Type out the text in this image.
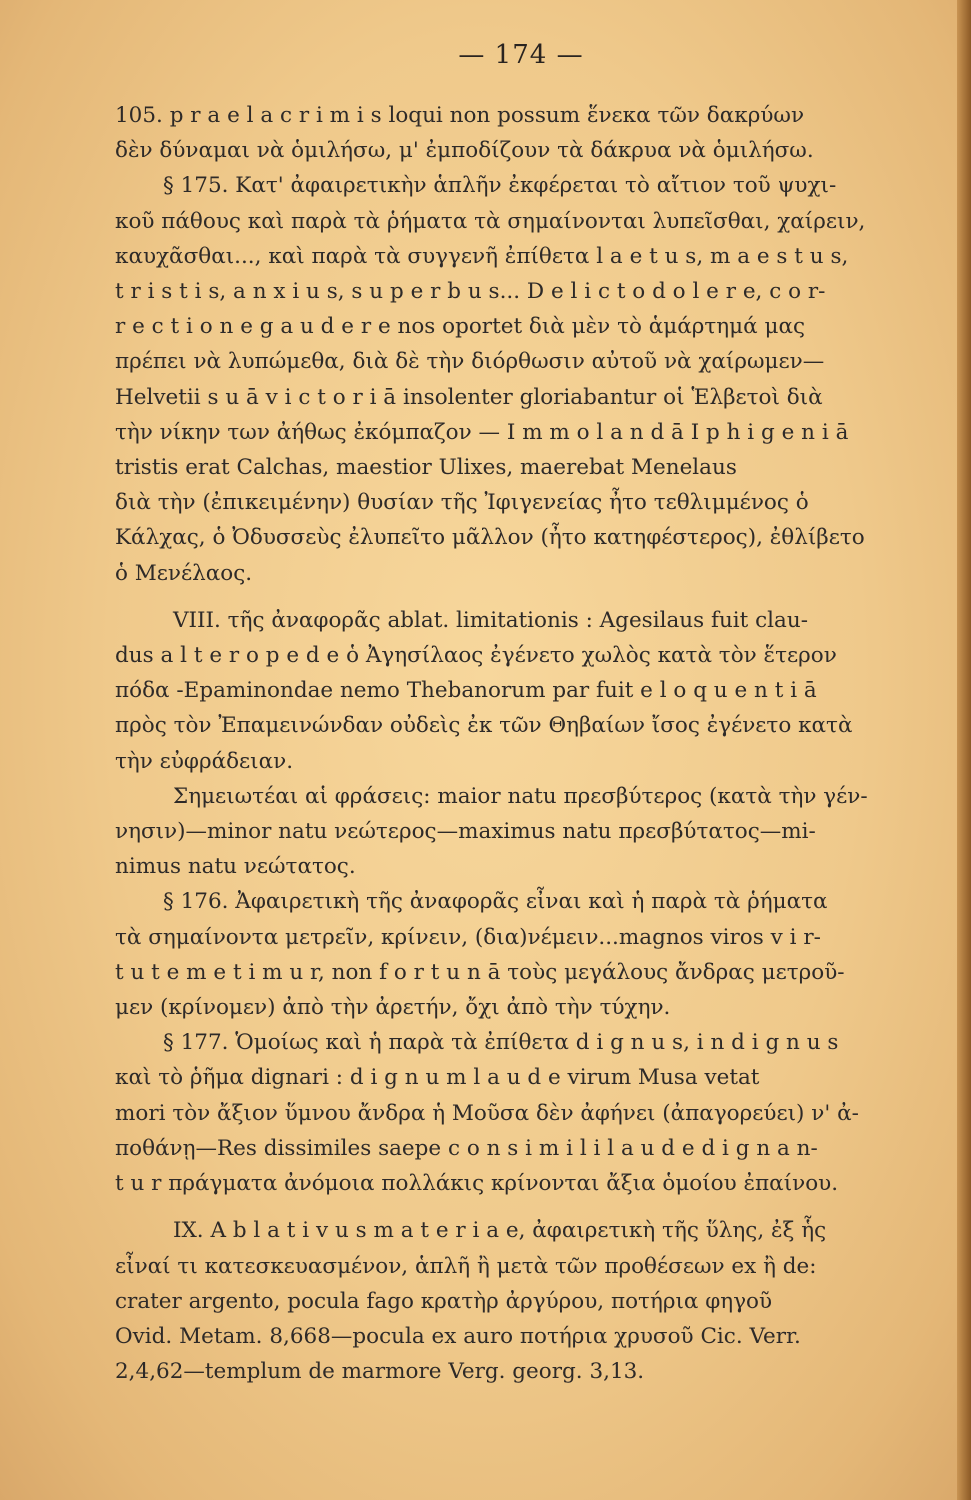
— 174 —
105. p r a e l a c r i m i s loqui non possum ἕνεκα τῶν δακρύων
δὲν δύναμαι νὰ ὁμιλήσω, μ' ἐμποδίζουν τὰ δάκρυα νὰ ὁμιλήσω.
§ 175. Κατ' ἀφαιρετικὴν ἁπλῆν ἐκφέρεται τὸ αἴτιον τοῦ ψυχι-
κοῦ πάθους καὶ παρὰ τὰ ῥήματα τὰ σημαίνονται λυπεῖσθαι, χαίρειν,
καυχᾶσθαι..., καὶ παρὰ τὰ συγγενῆ ἐπίθετα l a e t u s, m a e s t u s,
t r i s t i s, a n x i u s, s u p e r b u s... D e l i c t o d o l e r e, c o r-
r e c t i o n e g a u d e r e nos oportet διὰ μὲν τὸ ἁμάρτημά μας
πρέπει νὰ λυπώμεθα, διὰ δὲ τὴν διόρθωσιν αὐτοῦ νὰ χαίρωμεν—
Helvetii s u ā v i c t o r i ā insolenter gloriabantur οἱ Ἑλβετοὶ διὰ
τὴν νίκην των ἀήθως ἐκόμπαζον — I m m o l a n d ā I p h i g e n i ā
tristis erat Calchas, maestior Ulixes, maerebat Menelaus
διὰ τὴν (ἐπικειμένην) θυσίαν τῆς Ἰφιγενείας ἦτο τεθλιμμένος ὁ
Κάλχας, ὁ Ὀδυσσεὺς ἐλυπεῖτο μᾶλλον (ἦτο κατηφέστερος), ἐθλίβετο
ὁ Μενέλαος.
VIII. τῆς ἀναφορᾶς ablat. limitationis : Agesilaus fuit clau-
dus a l t e r o p e d e ὁ Ἀγησίλαος ἐγένετο χωλὸς κατὰ τὸν ἕτερον
πόδα -Epaminondae nemo Thebanorum par fuit e l o q u e n t i ā
πρὸς τὸν Ἐπαμεινώνδαν οὐδεὶς ἐκ τῶν Θηβαίων ἴσος ἐγένετο κατὰ
τὴν εὐφράδειαν.
Σημειωτέαι αἱ φράσεις: maior natu πρεσβύτερος (κατὰ τὴν γέν-
νησιν)—minor natu νεώτερος—maximus natu πρεσβύτατος—mi-
nimus natu νεώτατος.
§ 176. Ἀφαιρετικὴ τῆς ἀναφορᾶς εἶναι καὶ ἡ παρὰ τὰ ῥήματα
τὰ σημαίνοντα μετρεῖν, κρίνειν, (δια)νέμειν...magnos viros v i r-
t u t e m e t i m u r, non f o r t u n ā τοὺς μεγάλους ἄνδρας μετροῦ-
μεν (κρίνομεν) ἀπὸ τὴν ἀρετήν, ὄχι ἀπὸ τὴν τύχην.
§ 177. Ὁμοίως καὶ ἡ παρὰ τὰ ἐπίθετα d i g n u s, i n d i g n u s
καὶ τὸ ῥῆμα dignari : d i g n u m l a u d e virum Musa vetat
mori τὸν ἄξιον ὕμνου ἄνδρα ἡ Μοῦσα δὲν ἀφήνει (ἀπαγορεύει) ν' ἀ-
ποθάνῃ—Res dissimiles saepe c o n s i m i l i l a u d e d i g n a n-
t u r πράγματα ἀνόμοια πολλάκις κρίνονται ἄξια ὁμοίου ἐπαίνου.
IX. A b l a t i v u s m a t e r i a e, ἀφαιρετικὴ τῆς ὕλης, ἐξ ἧς
εἶναί τι κατεσκευασμένον, ἁπλῆ ἢ μετὰ τῶν προθέσεων ex ἢ de:
crater argento, pocula fago κρατὴρ ἀργύρου, ποτήρια φηγοῦ
Ovid. Metam. 8,668—pocula ex auro ποτήρια χρυσοῦ Cic. Verr.
2,4,62—templum de marmore Verg. georg. 3,13.
